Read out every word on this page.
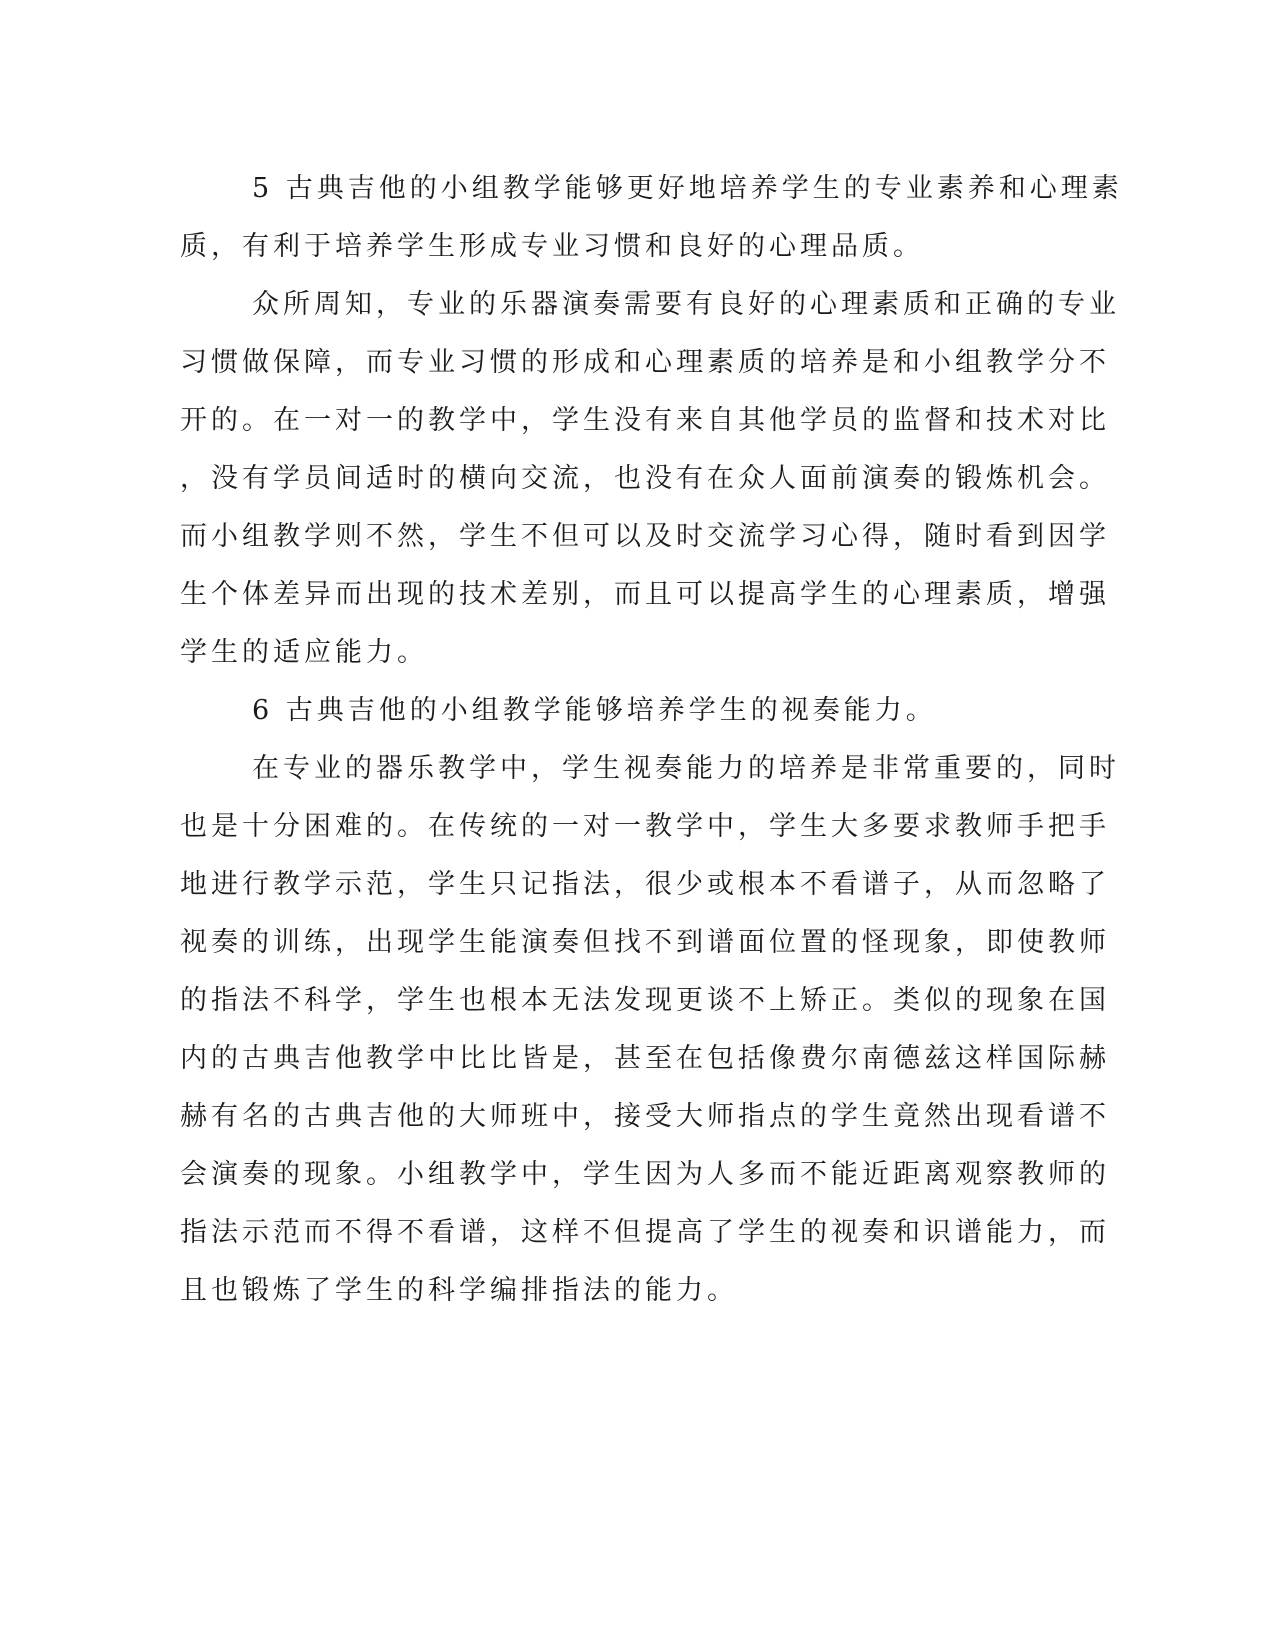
5 古典吉他的小组教学能够更好地培养学生的专业素养和心理素
质，有利于培养学生形成专业习惯和良好的心理品质。
众所周知，专业的乐器演奏需要有良好的心理素质和正确的专业
习惯做保障，而专业习惯的形成和心理素质的培养是和小组教学分不
开的。在一对一的教学中，学生没有来自其他学员的监督和技术对比
，没有学员间适时的横向交流，也没有在众人面前演奏的锻炼机会。
而小组教学则不然，学生不但可以及时交流学习心得，随时看到因学
生个体差异而出现的技术差别，而且可以提高学生的心理素质，增强
学生的适应能力。
6 古典吉他的小组教学能够培养学生的视奏能力。
在专业的器乐教学中，学生视奏能力的培养是非常重要的，同时
也是十分困难的。在传统的一对一教学中，学生大多要求教师手把手
地进行教学示范，学生只记指法，很少或根本不看谱子，从而忽略了
视奏的训练，出现学生能演奏但找不到谱面位置的怪现象，即使教师
的指法不科学，学生也根本无法发现更谈不上矫正。类似的现象在国
内的古典吉他教学中比比皆是，甚至在包括像费尔南德兹这样国际赫
赫有名的古典吉他的大师班中，接受大师指点的学生竟然出现看谱不
会演奏的现象。小组教学中，学生因为人多而不能近距离观察教师的
指法示范而不得不看谱，这样不但提高了学生的视奏和识谱能力，而
且也锻炼了学生的科学编排指法的能力。
